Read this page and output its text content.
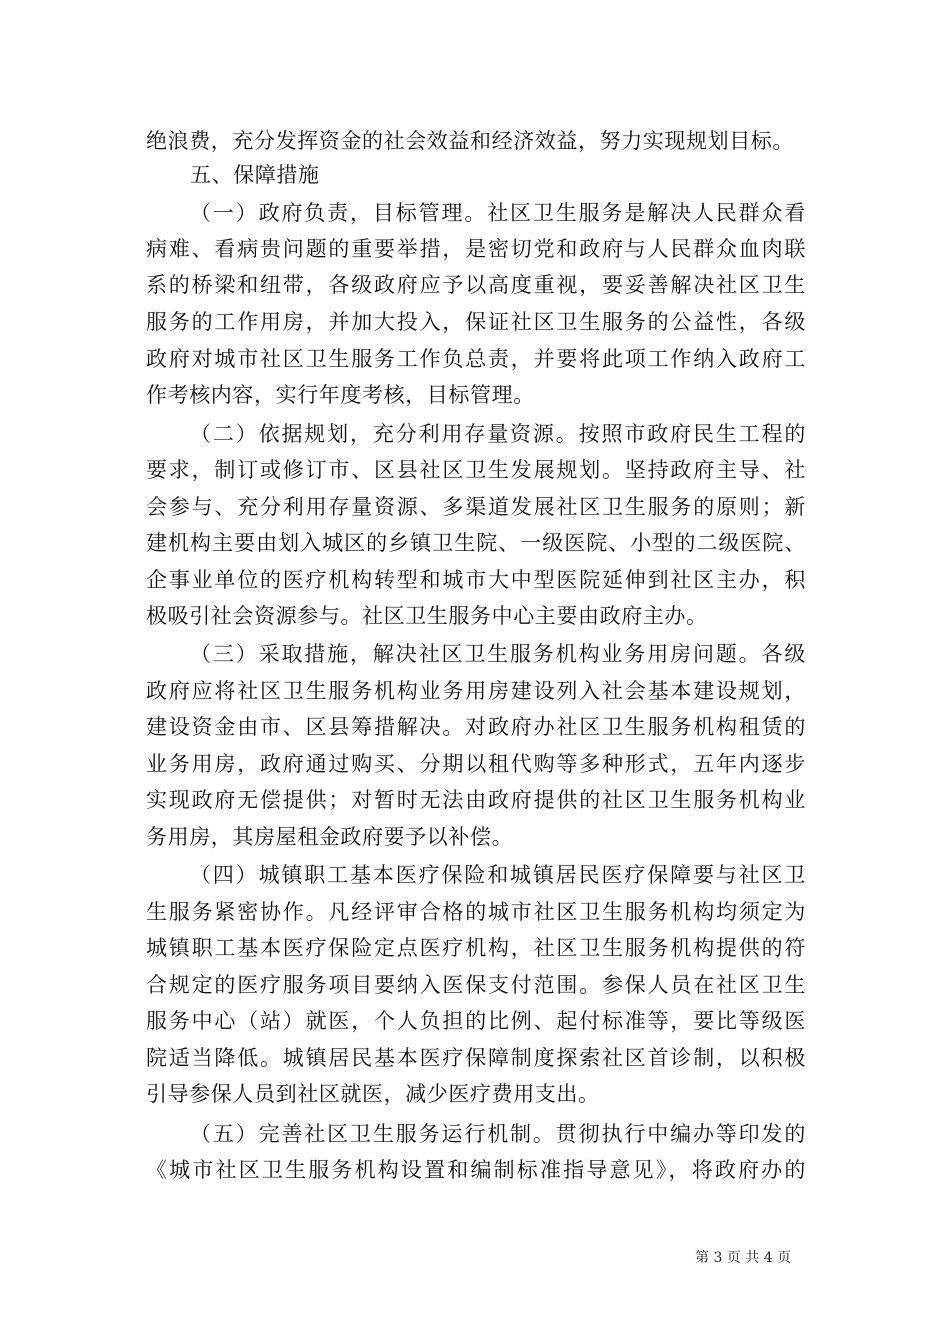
绝浪费，充分发挥资金的社会效益和经济效益，努力实现规划目标。
五、保障措施
（一）政府负责，目标管理。社区卫生服务是解决人民群众看
病难、看病贵问题的重要举措，是密切党和政府与人民群众血肉联
系的桥梁和纽带，各级政府应予以高度重视，要妥善解决社区卫生
服务的工作用房，并加大投入，保证社区卫生服务的公益性，各级
政府对城市社区卫生服务工作负总责，并要将此项工作纳入政府工
作考核内容，实行年度考核，目标管理。
（二）依据规划，充分利用存量资源。按照市政府民生工程的
要求，制订或修订市、区县社区卫生发展规划。坚持政府主导、社
会参与、充分利用存量资源、多渠道发展社区卫生服务的原则；新
建机构主要由划入城区的乡镇卫生院、一级医院、小型的二级医院、
企事业单位的医疗机构转型和城市大中型医院延伸到社区主办，积
极吸引社会资源参与。社区卫生服务中心主要由政府主办。
（三）采取措施，解决社区卫生服务机构业务用房问题。各级
政府应将社区卫生服务机构业务用房建设列入社会基本建设规划，
建设资金由市、区县筹措解决。对政府办社区卫生服务机构租赁的
业务用房，政府通过购买、分期以租代购等多种形式，五年内逐步
实现政府无偿提供；对暂时无法由政府提供的社区卫生服务机构业
务用房，其房屋租金政府要予以补偿。
（四）城镇职工基本医疗保险和城镇居民医疗保障要与社区卫
生服务紧密协作。凡经评审合格的城市社区卫生服务机构均须定为
城镇职工基本医疗保险定点医疗机构，社区卫生服务机构提供的符
合规定的医疗服务项目要纳入医保支付范围。参保人员在社区卫生
服务中心（站）就医，个人负担的比例、起付标准等，要比等级医
院适当降低。城镇居民基本医疗保障制度探索社区首诊制，以积极
引导参保人员到社区就医，减少医疗费用支出。
（五）完善社区卫生服务运行机制。贯彻执行中编办等印发的
《城市社区卫生服务机构设置和编制标准指导意见》，将政府办的
第 3 页 共 4 页
